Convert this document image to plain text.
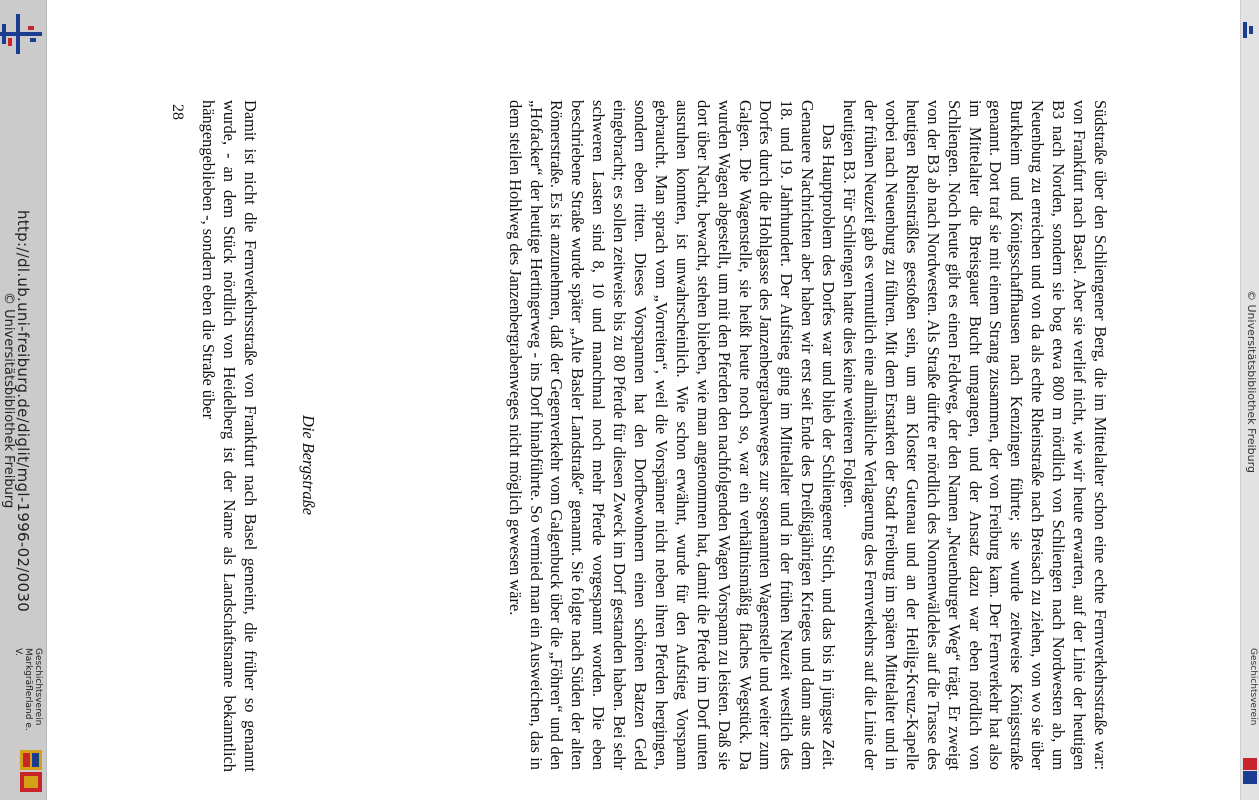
http://dl.ub.uni-freiburg.de/diglit/mgl-1996-02/0030
© Universitätsbibliothek Freiburg
Geschichtsverein
Markgräflerland e. V.
© Universitätsbibliothek Freiburg
Geschichtsverein

Südstraße über den Schliengener Berg, die im Mittelalter schon eine echte Fernverkehrsstraße war: von Frankfurt nach Basel. Aber sie verlief nicht, wie wir heute erwarten, auf der Linie der heutigen B3 nach Norden, sondern sie bog etwa 800 m nördlich von Schliengen nach Nordwesten ab, um Neuenburg zu erreichen und von da als echte Rheinstraße nach Breisach zu ziehen, von wo sie über Burkheim und Königsschaffhausen nach Kenzingen führte; sie wurde zeitweise Königsstraße genannt. Dort traf sie mit einem Strang zusammen, der von Freiburg kam. Der Fernverkehr hat also im Mittelalter die Breisgauer Bucht umgangen, und der Ansatz dazu war eben nördlich von Schliengen. Noch heute gibt es einen Feldweg, der den Namen „Neuenburger Weg“ trägt. Er zweigt von der B3 ab nach Nordwesten. Als Straße dürfte er nördlich des Nonnenwäldeles auf die Trasse des heutigen Rheinsträßles gestoßen sein, um am Kloster Gutenau und an der Heilig-Kreuz-Kapelle vorbei nach Neuenburg zu führen. Mit dem Erstarken der Stadt Freiburg im späten Mittelalter und in der frühen Neuzeit gab es vermutlich eine allmähliche Verlagerung des Fernverkehrs auf die Linie der heutigen B3. Für Schliengen hatte dies keine weiteren Folgen.

Das Hauptproblem des Dorfes war und blieb der Schliengener Stich, und das bis in jüngste Zeit. Genauere Nachrichten aber haben wir erst seit Ende des Dreißigjährigen Krieges und dann aus dem 18. und 19. Jahrhundert. Der Aufstieg ging im Mittelalter und in der frühen Neuzeit westlich des Dorfes durch die Hohlgasse des Janzenbergrabenweges zur sogenannten Wagenstelle und weiter zum Galgen. Die Wagenstelle, sie heißt heute noch so, war ein verhältnismäßig flaches Wegstück. Da wurden Wagen abgestellt, um mit den Pferden den nachfolgenden Wagen Vorspann zu leisten. Daß sie dort über Nacht, bewacht, stehen blieben, wie man angenommen hat, damit die Pferde im Dorf unten ausruhen konnten, ist unwahrscheinlich. Wie schon erwähnt, wurde für den Aufstieg Vorspann gebraucht. Man sprach vom „Vorreiten“, weil die Vorspänner nicht neben ihren Pferden hergingen, sondern eben ritten. Dieses Vorspannen hat den Dorfbewohnern einen schönen Batzen Geld eingebracht; es sollen zeitweise bis zu 80 Pferde für diesen Zweck im Dorf gestanden haben. Bei sehr schweren Lasten sind 8, 10 und manchmal noch mehr Pferde vorgespannt worden. Die eben beschriebene Straße wurde später „Alte Basler Landstraße“ genannt. Sie folgte nach Süden der alten Römerstraße. Es ist anzunehmen, daß der Gegenverkehr vom Galgenbuck über die „Föhren“ und den „Hofacker“ der heutige Hertingerweg - ins Dorf hinabführte. So vermied man ein Ausweichen, das in dem steilen Hohlweg des Janzenbergrabenweges nicht möglich gewesen wäre.

Die Bergstraße

Damit ist nicht die Fernverkehrsstraße von Frankfurt nach Basel gemeint, die früher so genannt wurde, - an dem Stück nördlich von Heidelberg ist der Name als Landschaftsname bekanntlich hängengeblieben -, sondern eben die Straße über

28
